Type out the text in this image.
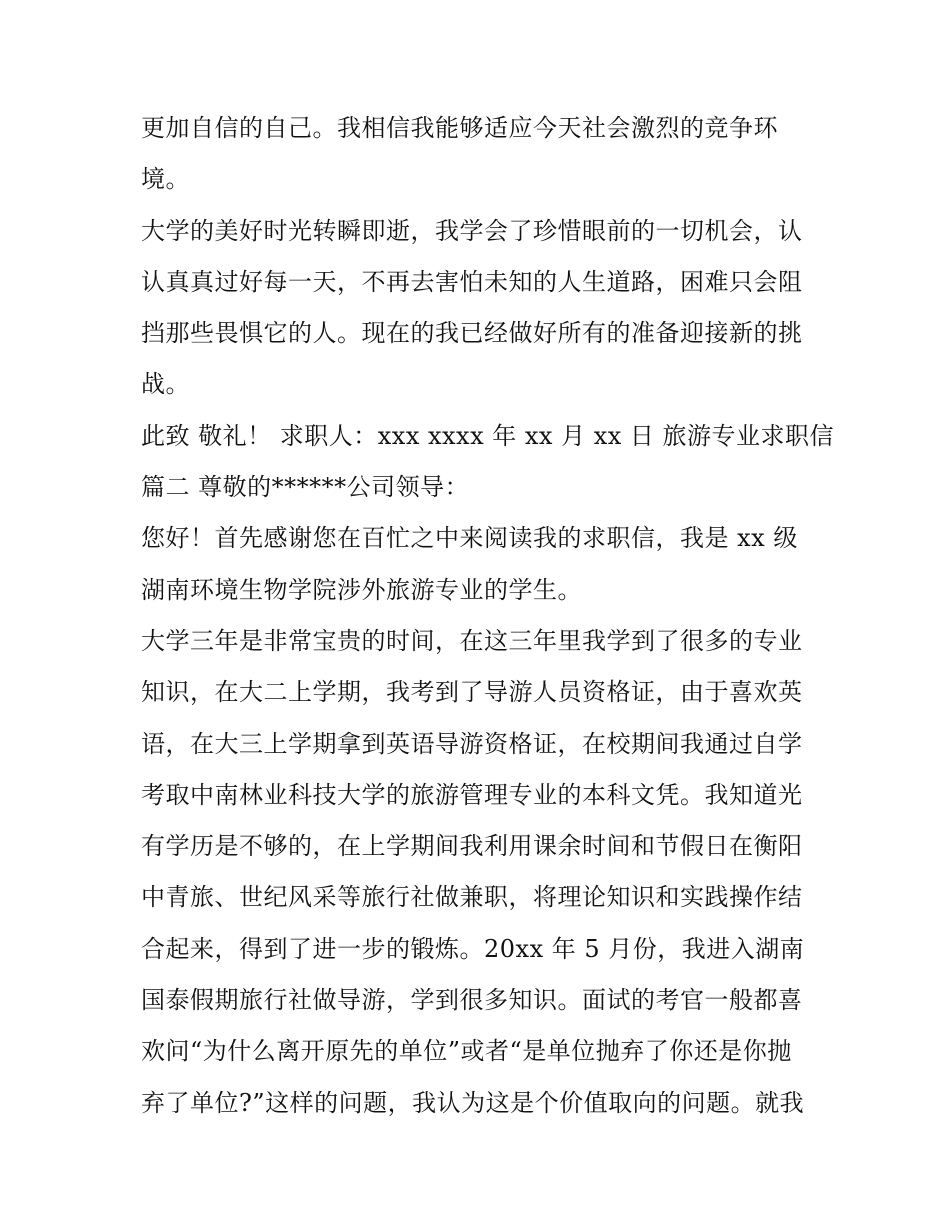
更加自信的自己。我相信我能够适应今天社会激烈的竞争环
境。
大学的美好时光转瞬即逝，我学会了珍惜眼前的一切机会，认
认真真过好每一天，不再去害怕未知的人生道路，困难只会阻
挡那些畏惧它的人。现在的我已经做好所有的准备迎接新的挑
战。
此致 敬礼！ 求职人：xxx xxxx 年 xx 月 xx 日 旅游专业求职信
篇二 尊敬的******公司领导：
您好！首先感谢您在百忙之中来阅读我的求职信，我是 xx 级
湖南环境生物学院涉外旅游专业的学生。
大学三年是非常宝贵的时间，在这三年里我学到了很多的专业
知识，在大二上学期，我考到了导游人员资格证，由于喜欢英
语，在大三上学期拿到英语导游资格证，在校期间我通过自学
考取中南林业科技大学的旅游管理专业的本科文凭。我知道光
有学历是不够的，在上学期间我利用课余时间和节假日在衡阳
中青旅、世纪风采等旅行社做兼职，将理论知识和实践操作结
合起来，得到了进一步的锻炼。20xx 年 5 月份，我进入湖南
国泰假期旅行社做导游，学到很多知识。面试的考官一般都喜
欢问“为什么离开原先的单位”或者“是单位抛弃了你还是你抛
弃了单位?”这样的问题，我认为这是个价值取向的问题。就我
